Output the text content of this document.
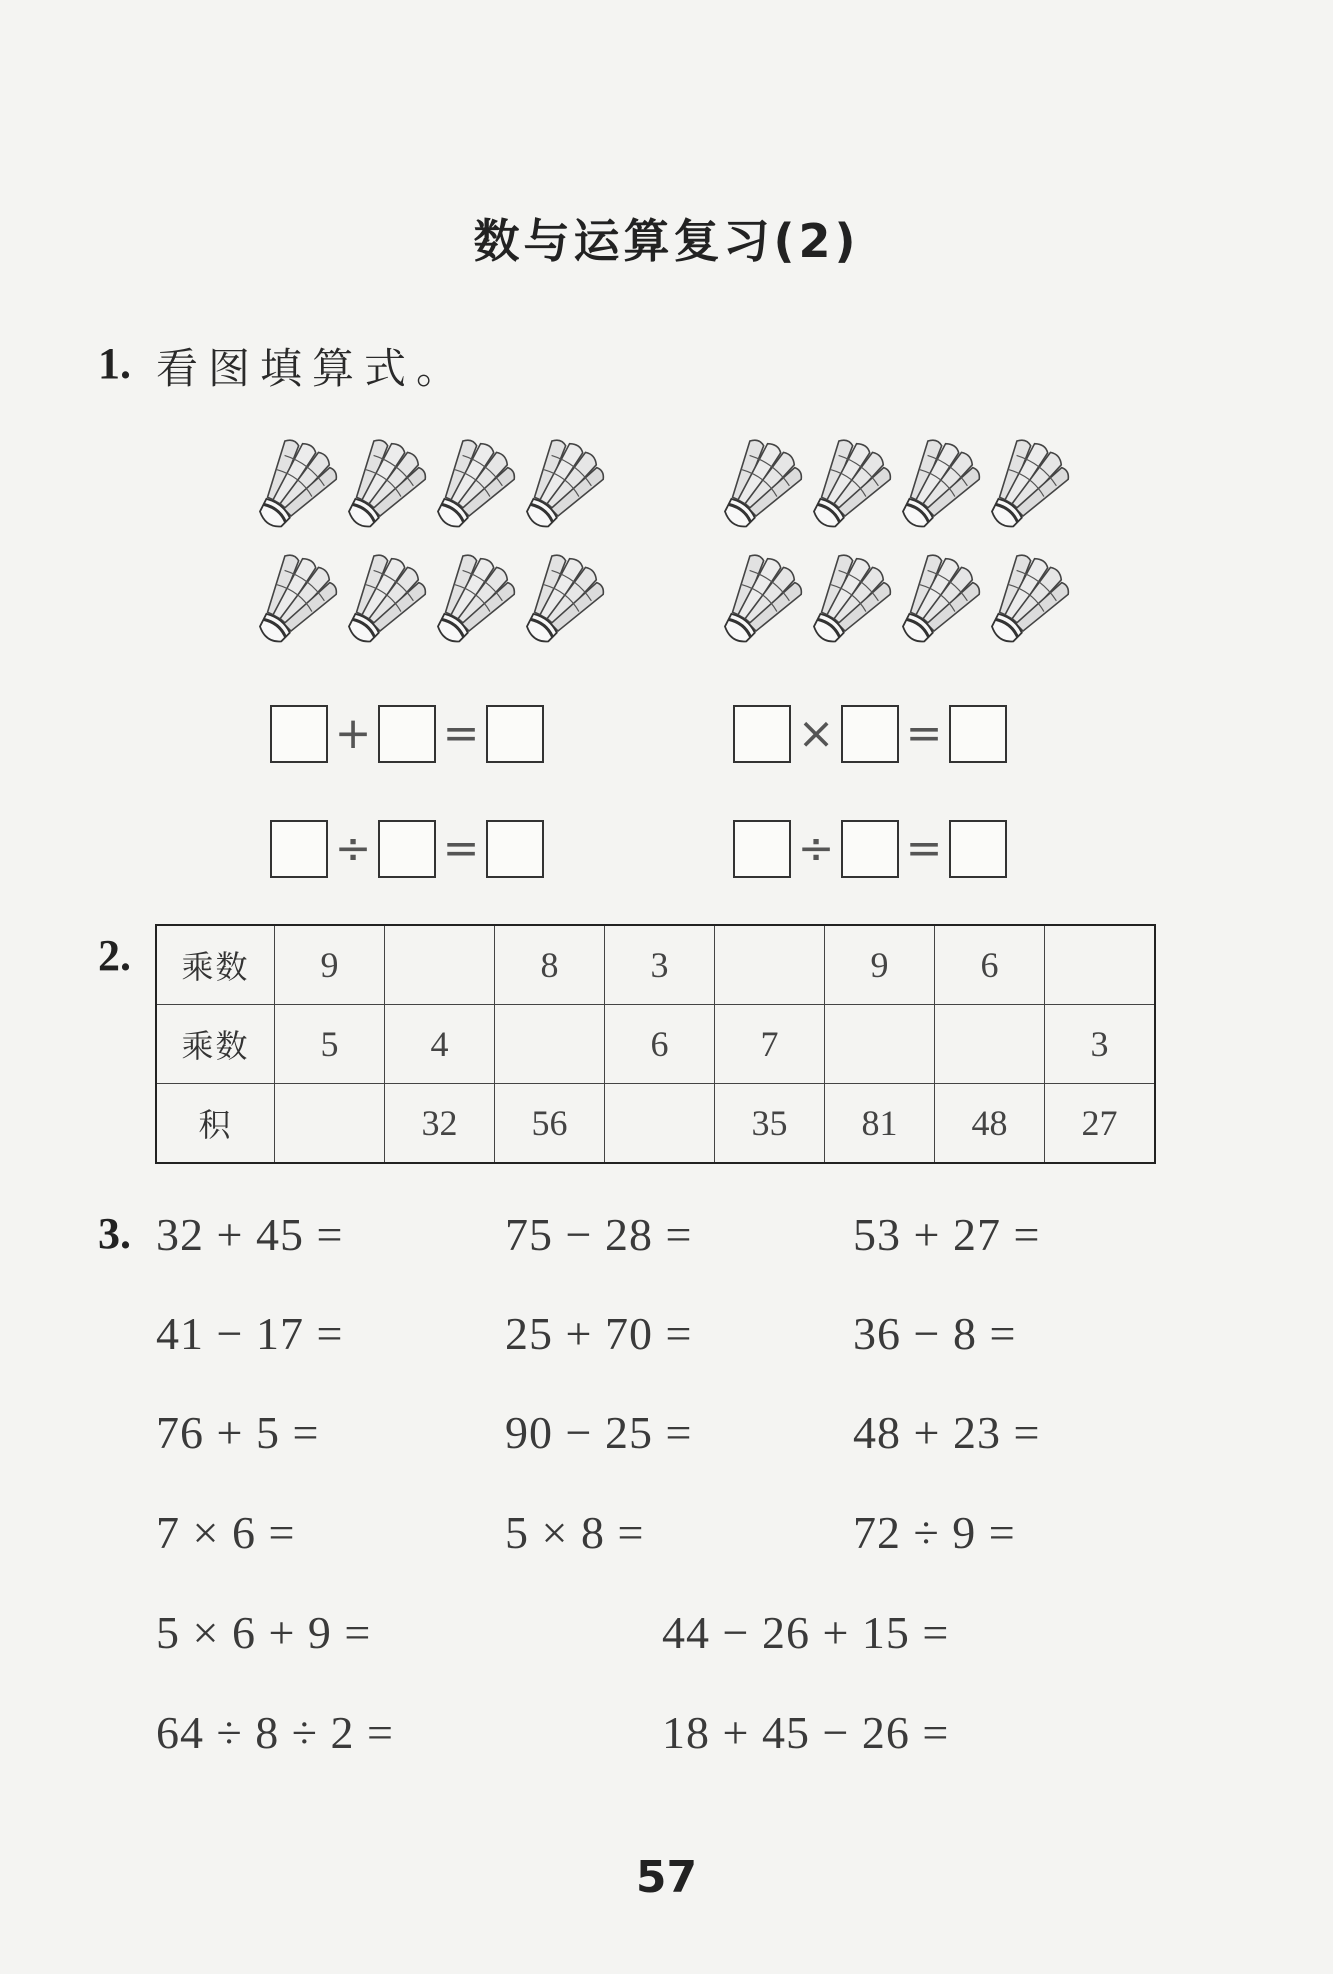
数与运算复习(2)
1. 看图填算式。
+ =	× =
÷ =	÷ =
2. 乘数	9		8	3		9	6	
乘数	5	4		6	7			3
积		32	56		35	81	48	27
3. 32 + 45 =	75 − 28 =	53 + 27 =
41 − 17 =	25 + 70 =	36 − 8 =
76 + 5 =	90 − 25 =	48 + 23 =
7 × 6 =	5 × 8 =	72 ÷ 9 =
5 × 6 + 9 =	44 − 26 + 15 =
64 ÷ 8 ÷ 2 =	18 + 45 − 26 =
57
